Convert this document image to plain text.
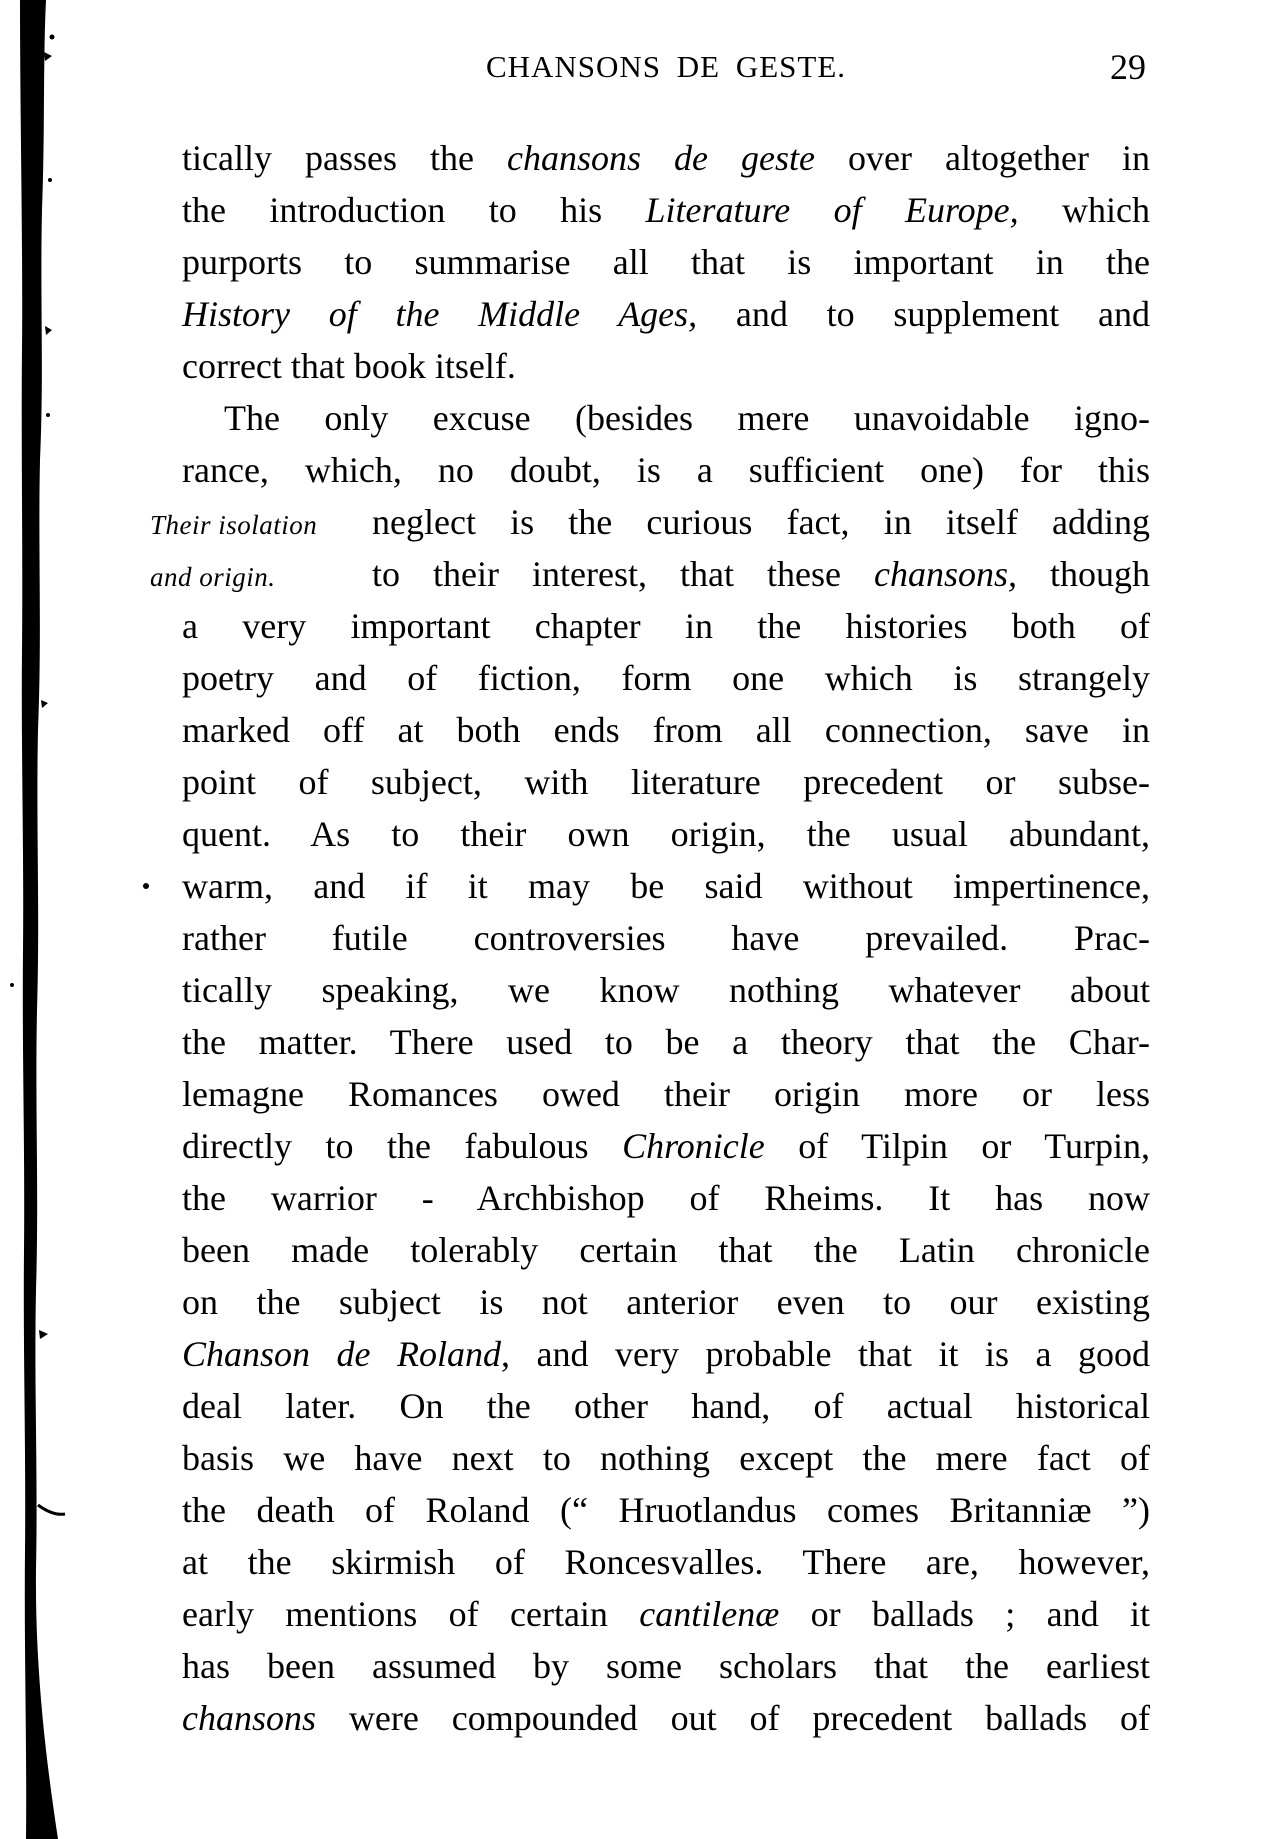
CHANSONS DE GESTE.	29
Their isolation
and origin.
tically passes the chansons de geste over altogether in
the introduction to his Literature of Europe, which
purports to summarise all that is important in the
History of the Middle Ages, and to supplement and
correct that book itself.
The only excuse (besides mere unavoidable igno-
rance, which, no doubt, is a sufficient one) for this
neglect is the curious fact, in itself adding
to their interest, that these chansons, though
a very important chapter in the histories both of
poetry and of fiction, form one which is strangely
marked off at both ends from all connection, save in
point of subject, with literature precedent or subse-
quent. As to their own origin, the usual abundant,
warm, and if it may be said without impertinence,
rather futile controversies have prevailed. Prac-
tically speaking, we know nothing whatever about
the matter. There used to be a theory that the Char-
lemagne Romances owed their origin more or less
directly to the fabulous Chronicle of Tilpin or Turpin,
the warrior - Archbishop of Rheims. It has now
been made tolerably certain that the Latin chronicle
on the subject is not anterior even to our existing
Chanson de Roland, and very probable that it is a good
deal later. On the other hand, of actual historical
basis we have next to nothing except the mere fact of
the death of Roland (“ Hruotlandus comes Britanniæ ”)
at the skirmish of Roncesvalles. There are, however,
early mentions of certain cantilenæ or ballads ; and it
has been assumed by some scholars that the earliest
chansons were compounded out of precedent ballads of
